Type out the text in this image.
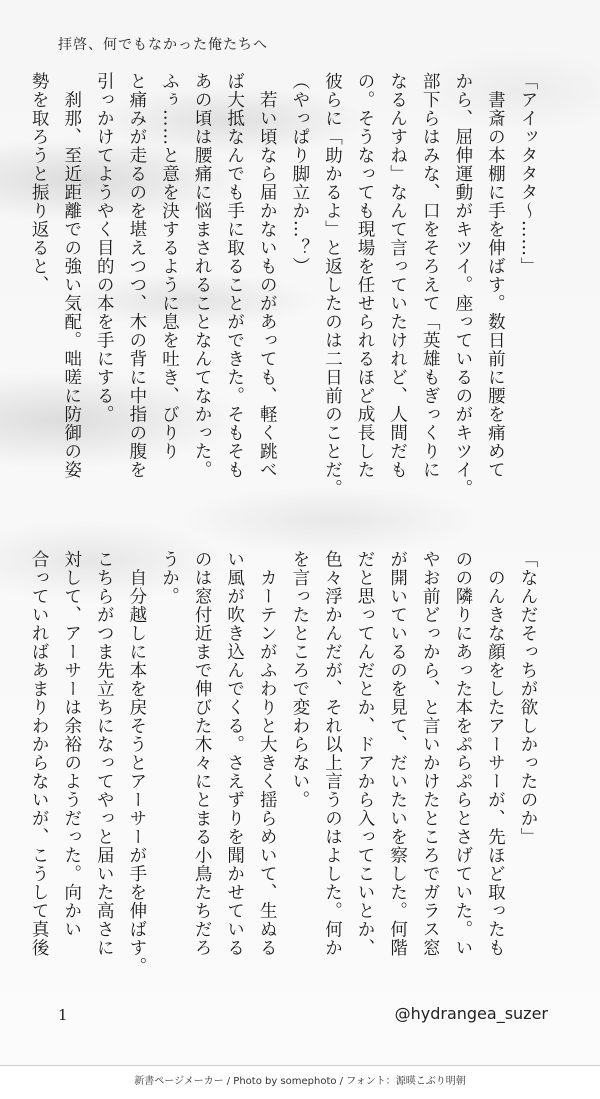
拝啓、何でもなかった俺たちへ
「アイッタタタ〜……」
　書斎の本棚に手を伸ばす。数日前に腰を痛めて
から、屈伸運動がキツイ。座っているのがキツイ。
部下らはみな、口をそろえて「英雄もぎっくりに
なるんすね」なんて言っていたけれど、人間だも
の。そうなっても現場を任せられるほど成長した
彼らに「助かるよ」と返したのは二日前のことだ。
（やっぱり脚立か…？）
　若い頃なら届かないものがあっても、軽く跳べ
ば大抵なんでも手に取ることができた。そもそも
あの頃は腰痛に悩まされることなんてなかった。
ふぅ……と意を決するように息を吐き、びりり
と痛みが走るのを堪えつつ、木の背に中指の腹を
引っかけてようやく目的の本を手にする。
　刹那、至近距離での強い気配。咄嗟に防御の姿
勢を取ろうと振り返ると、
「なんだそっちが欲しかったのか」
　のんきな顔をしたアーサーが、先ほど取ったも
のの隣りにあった本をぷらぷらとさげていた。い
やお前どっから、と言いかけたところでガラス窓
が開いているのを見て、だいたいを察した。何階
だと思ってんだとか、ドアから入ってこいとか、
色々浮かんだが、それ以上言うのはよした。何か
を言ったところで変わらない。
　カーテンがふわりと大きく揺らめいて、生ぬる
い風が吹き込んでくる。さえずりを聞かせている
のは窓付近まで伸びた木々にとまる小鳥たちだろ
うか。
　自分越しに本を戻そうとアーサーが手を伸ばす。
こちらがつま先立ちになってやっと届いた高さに
対して、アーサーは余裕のようだった。向かい
合っていればあまりわからないが、こうして真後
1	@hydrangea_suzer
新書ページメーカー / Photo by somephoto / フォント：源暎こぶり明朝
